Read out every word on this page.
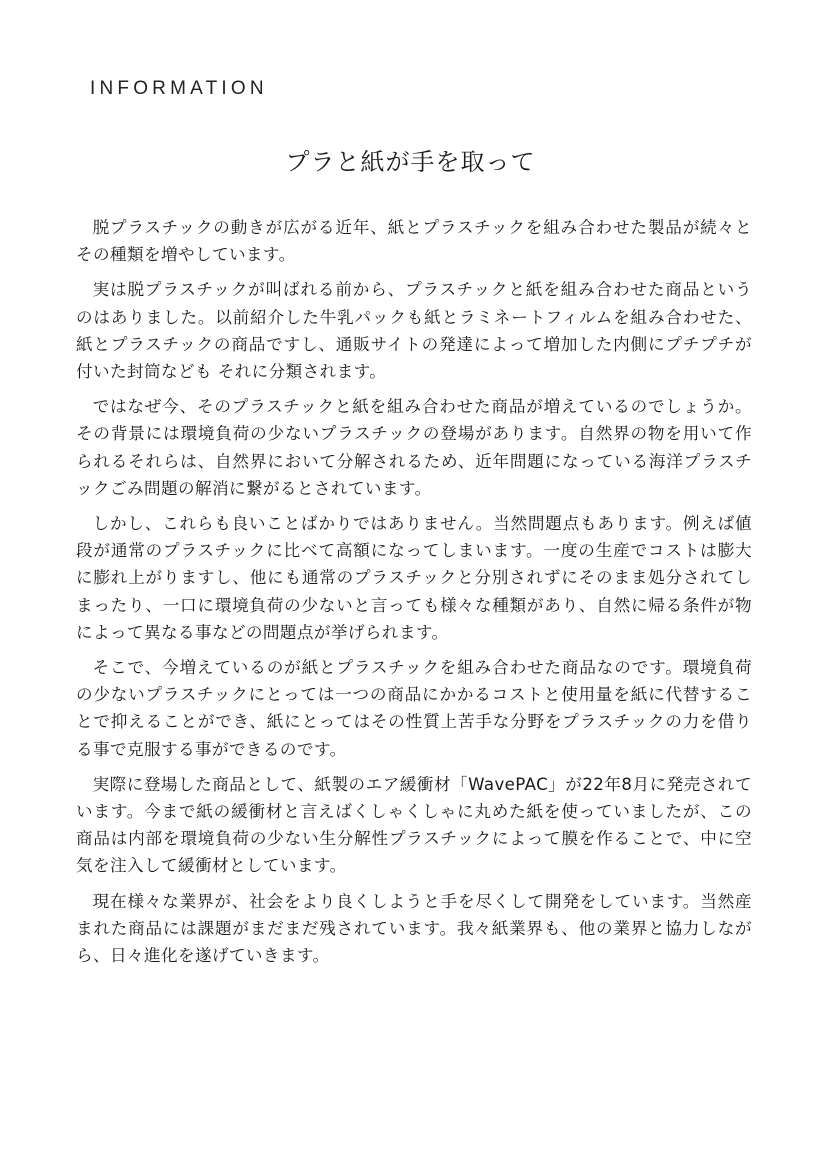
INFORMATION
プラと紙が手を取って

脱プラスチックの動きが広がる近年、紙とプラスチックを組み合わせた製品が続々とその種類を増やしています。

実は脱プラスチックが叫ばれる前から、プラスチックと紙を組み合わせた商品というのはありました。以前紹介した牛乳パックも紙とラミネートフィルムを組み合わせた、紙とプラスチックの商品ですし、通販サイトの発達によって増加した内側にプチプチが付いた封筒なども それに分類されます。

ではなぜ今、そのプラスチックと紙を組み合わせた商品が増えているのでしょうか。その背景には環境負荷の少ないプラスチックの登場があります。自然界の物を用いて作られるそれらは、自然界において分解されるため、近年問題になっている海洋プラスチックごみ問題の解消に繋がるとされています。

しかし、これらも良いことばかりではありません。当然問題点もあります。例えば値段が通常のプラスチックに比べて高額になってしまいます。一度の生産でコストは膨大に膨れ上がりますし、他にも通常のプラスチックと分別されずにそのまま処分されてしまったり、一口に環境負荷の少ないと言っても様々な種類があり、自然に帰る条件が物によって異なる事などの問題点が挙げられます。

そこで、今増えているのが紙とプラスチックを組み合わせた商品なのです。環境負荷の少ないプラスチックにとっては一つの商品にかかるコストと使用量を紙に代替することで抑えることができ、紙にとってはその性質上苦手な分野をプラスチックの力を借りる事で克服する事ができるのです。

実際に登場した商品として、紙製のエア緩衝材「WavePAC」が22年8月に発売されています。今まで紙の緩衝材と言えばくしゃくしゃに丸めた紙を使っていましたが、この商品は内部を環境負荷の少ない生分解性プラスチックによって膜を作ることで、中に空気を注入して緩衝材としています。

現在様々な業界が、社会をより良くしようと手を尽くして開発をしています。当然産まれた商品には課題がまだまだ残されています。我々紙業界も、他の業界と協力しながら、日々進化を遂げていきます。
